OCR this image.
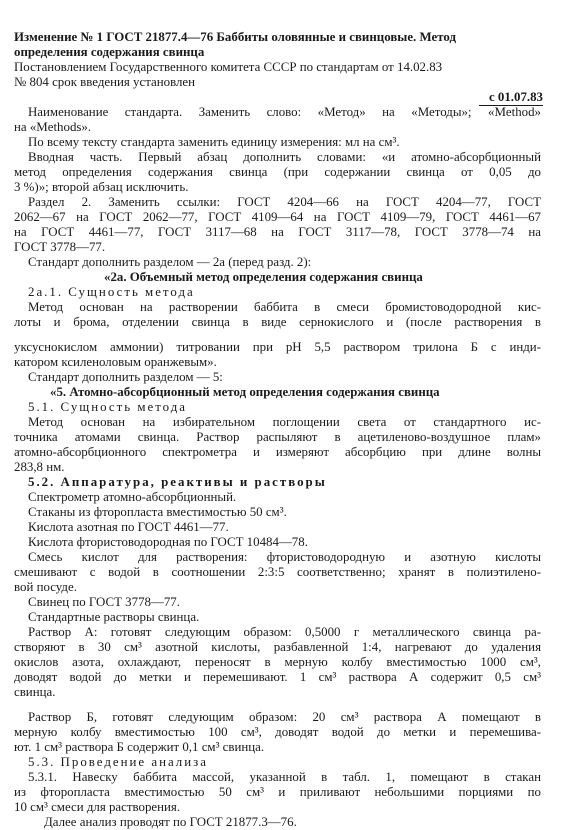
Изменение № 1 ГОСТ 21877.4—76 Баббиты оловянные и свинцовые. Метод

определения содержания свинца

Постановлением Государственного комитета СССР по стандартам от 14.02.83

№ 804 срок введения установлен

с 01.07.83

Наименование стандарта. Заменить слово: «Метод» на «Методы»; «Method»

на «Methods».

По всему тексту стандарта заменить единицу измерения: мл на см³.

Вводная часть. Первый абзац дополнить словами: «и атомно-абсорбционный

метод определения содержания свинца (при содержании свинца от 0,05 до

3 %)»; второй абзац исключить.

Раздел 2. Заменить ссылки: ГОСТ 4204—66 на ГОСТ 4204—77, ГОСТ

2062—67 на ГОСТ 2062—77, ГОСТ 4109—64 на ГОСТ 4109—79, ГОСТ 4461—67

на ГОСТ 4461—77, ГОСТ 3117—68 на ГОСТ 3117—78, ГОСТ 3778—74 на

ГОСТ 3778—77.

Стандарт дополнить разделом — 2а (перед разд. 2):

«2а. Объемный метод определения содержания свинца

2а.1. Сущность метода

Метод основан на растворении баббита в смеси бромистоводородной кис-

лоты и брома, отделении свинца в виде сернокислого и (после растворения в

уксуснокислом аммонии) титровании при рН 5,5 раствором трилона Б с инди-

катором ксиленоловым оранжевым».

Стандарт дополнить разделом — 5:

«5. Атомно-абсорбционный метод определения содержания свинца

5.1. Сущность метода

Метод основан на избирательном поглощении света от стандартного ис-

точника атомами свинца. Раствор распыляют в ацетиленово-воздушное плам»

атомно-абсорбционного спектрометра и измеряют абсорбцию при длине волны

283,8 нм.

5.2. Аппаратура, реактивы и растворы

Спектрометр атомно-абсорбционный.

Стаканы из фторопласта вместимостью 50 см³.

Кислота азотная по ГОСТ 4461—77.

Кислота фтористоводородная по ГОСТ 10484—78.

Смесь кислот для растворения: фтористоводородную и азотную кислоты

смешивают с водой в соотношении 2:3:5 соответственно; хранят в полиэтилено-

вой посуде.

Свинец по ГОСТ 3778—77.

Стандартные растворы свинца.

Раствор А: готовят следующим образом: 0,5000 г металлического свинца ра-

створяют в 30 см³ азотной кислоты, разбавленной 1:4, нагревают до удаления

окислов азота, охлаждают, переносят в мерную колбу вместимостью 1000 см³,

доводят водой до метки и перемешивают. 1 см³ раствора А содержит 0,5 см³

свинца.

Раствор Б, готовят следующим образом: 20 см³ раствора А помещают в

мерную колбу вместимостью 100 см³, доводят водой до метки и перемешива-

ют. 1 см³ раствора Б содержит 0,1 см³ свинца.

5.3. Проведение анализа

5.3.1. Навеску баббита массой, указанной в табл. 1, помещают в стакан

из фторопласта вместимостью 50 см³ и приливают небольшими порциями по

10 см³ смеси для растворения.

Далее анализ проводят по ГОСТ 21877.3—76.
